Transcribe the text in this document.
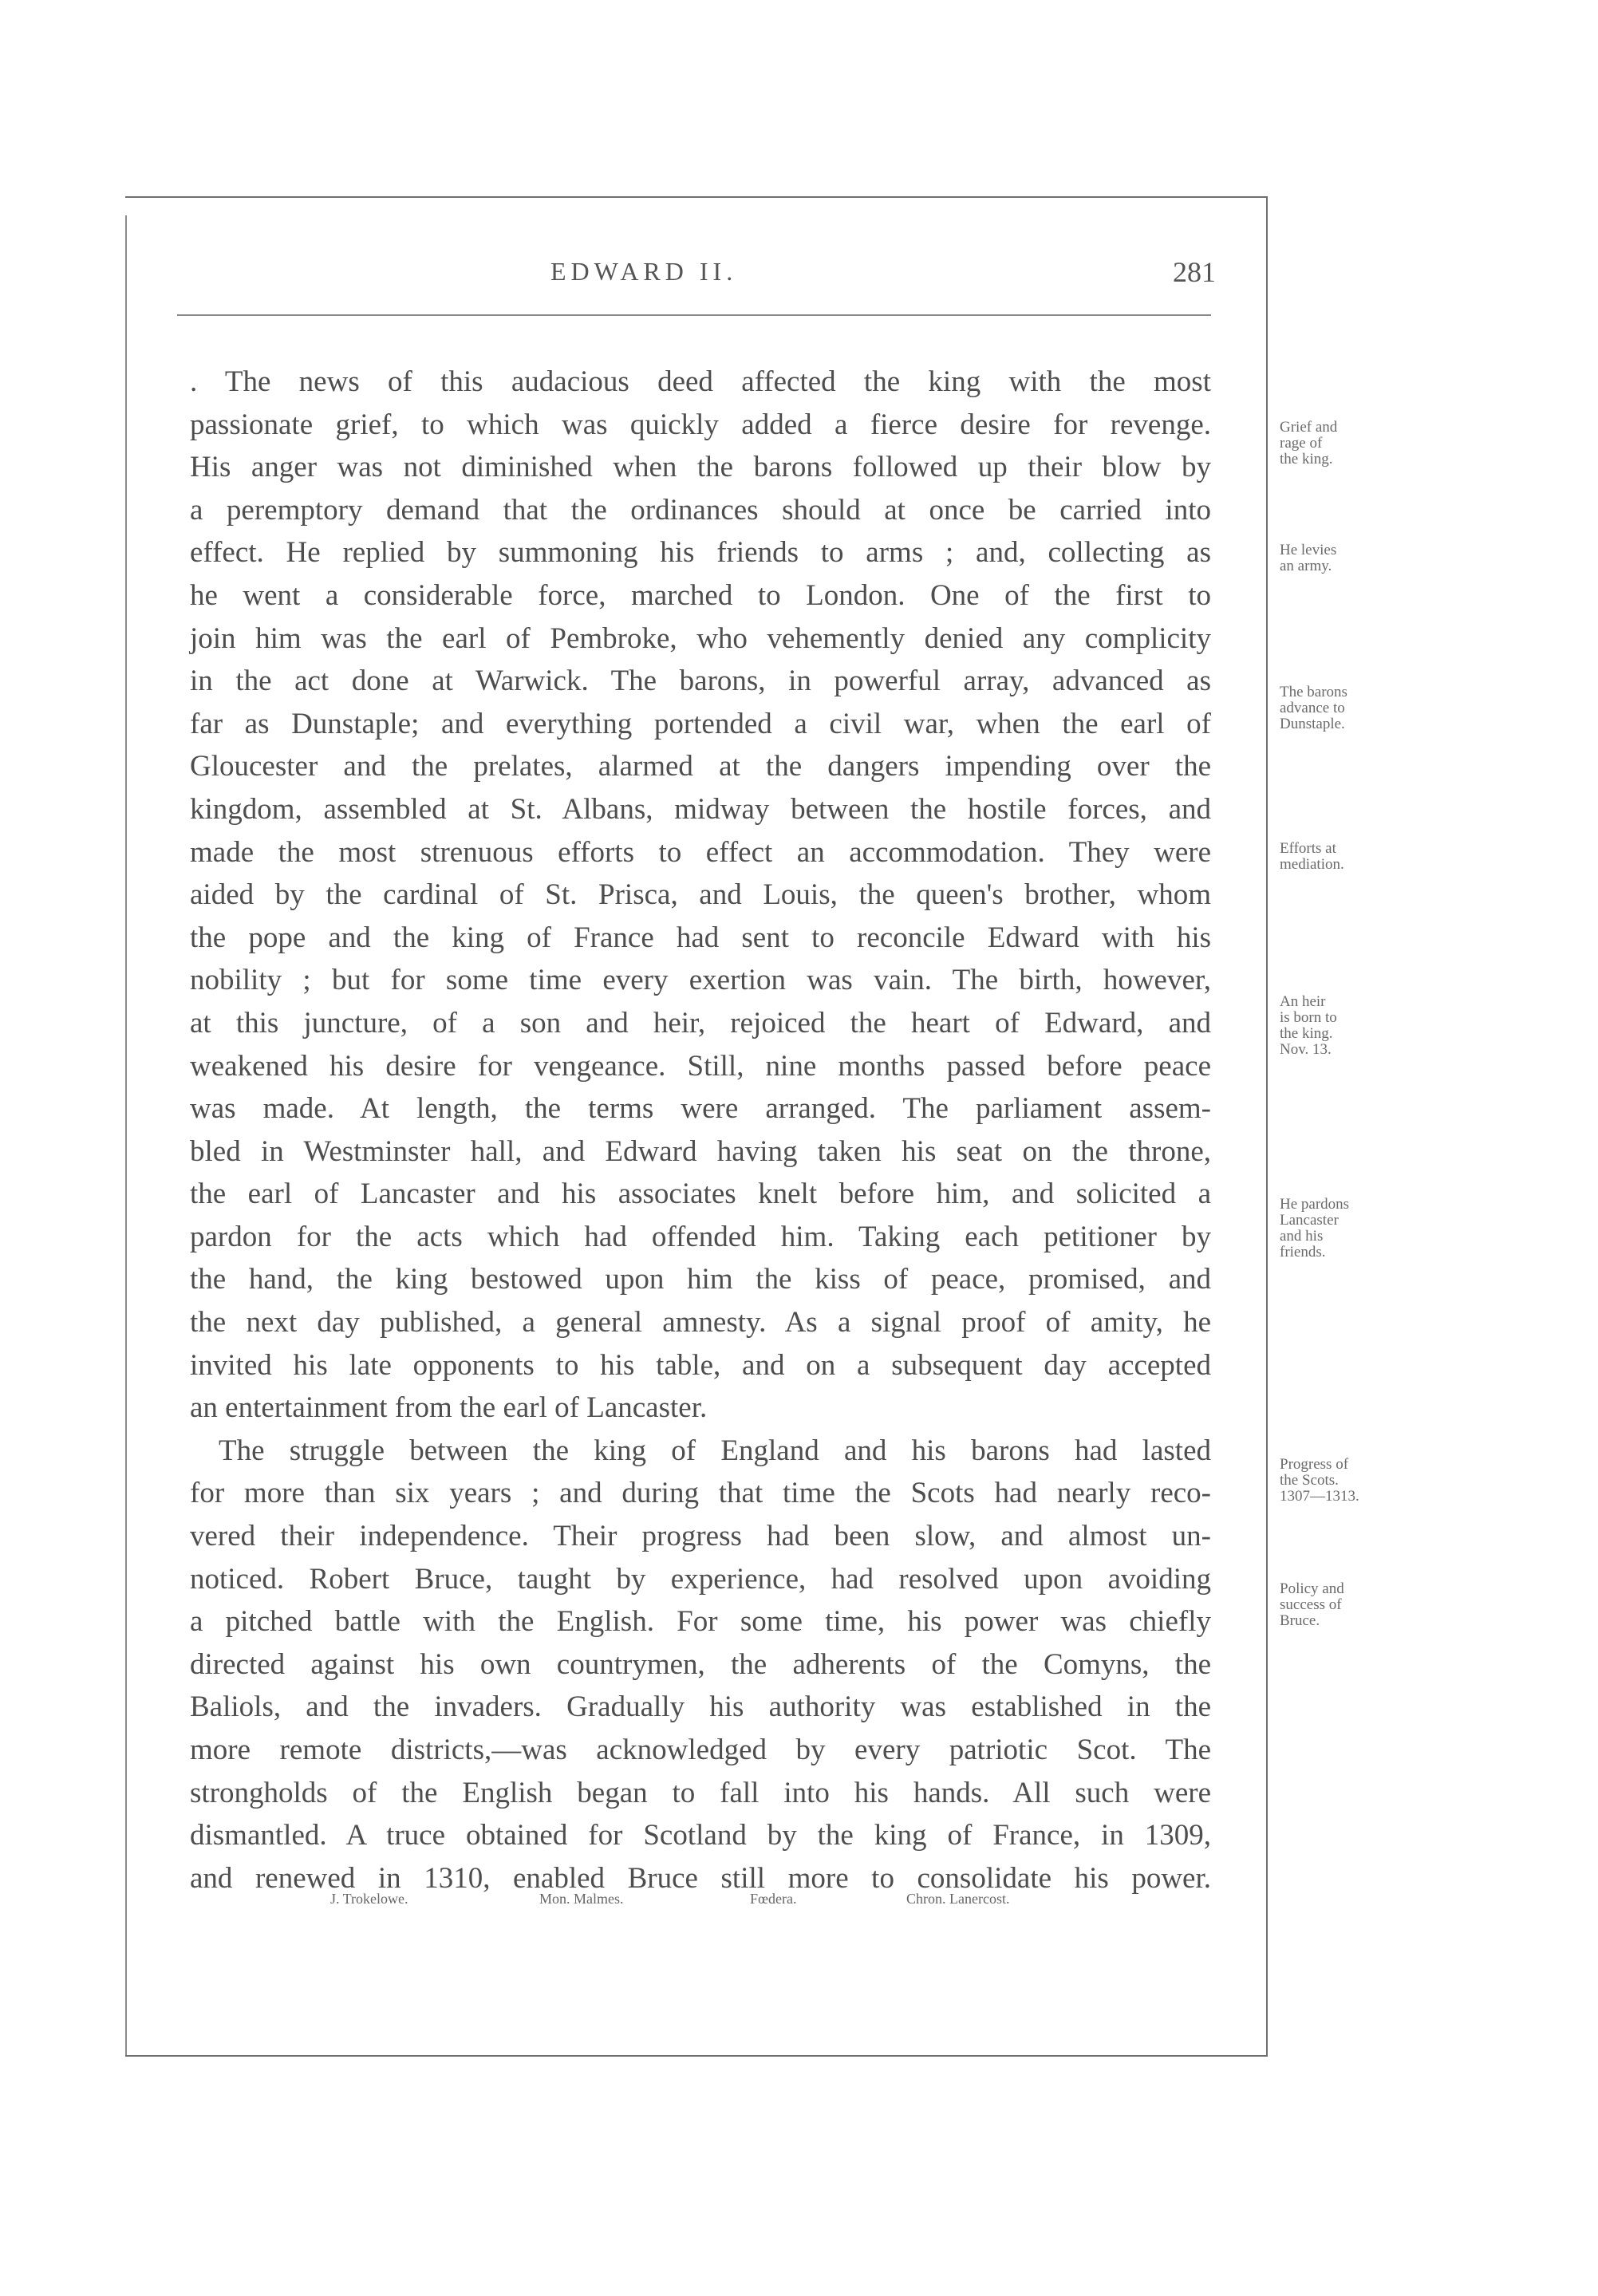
EDWARD II.	281
. The news of this audacious deed affected the king with the most
passionate grief, to which was quickly added a fierce desire for revenge.
His anger was not diminished when the barons followed up their blow by
a peremptory demand that the ordinances should at once be carried into
effect. He replied by summoning his friends to arms ; and, collecting as
he went a considerable force, marched to London. One of the first to
join him was the earl of Pembroke, who vehemently denied any complicity
in the act done at Warwick. The barons, in powerful array, advanced as
far as Dunstaple; and everything portended a civil war, when the earl of
Gloucester and the prelates, alarmed at the dangers impending over the
kingdom, assembled at St. Albans, midway between the hostile forces, and
made the most strenuous efforts to effect an accommodation. They were
aided by the cardinal of St. Prisca, and Louis, the queen's brother, whom
the pope and the king of France had sent to reconcile Edward with his
nobility ; but for some time every exertion was vain. The birth, however,
at this juncture, of a son and heir, rejoiced the heart of Edward, and
weakened his desire for vengeance. Still, nine months passed before peace
was made. At length, the terms were arranged. The parliament assem-
bled in Westminster hall, and Edward having taken his seat on the throne,
the earl of Lancaster and his associates knelt before him, and solicited a
pardon for the acts which had offended him. Taking each petitioner by
the hand, the king bestowed upon him the kiss of peace, promised, and
the next day published, a general amnesty. As a signal proof of amity, he
invited his late opponents to his table, and on a subsequent day accepted
an entertainment from the earl of Lancaster.
The struggle between the king of England and his barons had lasted
for more than six years ; and during that time the Scots had nearly reco-
vered their independence. Their progress had been slow, and almost un-
noticed. Robert Bruce, taught by experience, had resolved upon avoiding
a pitched battle with the English. For some time, his power was chiefly
directed against his own countrymen, the adherents of the Comyns, the
Baliols, and the invaders. Gradually his authority was established in the
more remote districts,—was acknowledged by every patriotic Scot. The
strongholds of the English began to fall into his hands. All such were
dismantled. A truce obtained for Scotland by the king of France, in 1309,
and renewed in 1310, enabled Bruce still more to consolidate his power.
Grief and
rage of
the king.
He levies
an army.
The barons
advance to
Dunstaple.
Efforts at
mediation.
An heir
is born to
the king.
Nov. 13.
He pardons
Lancaster
and his
friends.
Progress of
the Scots.
1307—1313.
Policy and
success of
Bruce.
J. Trokelowe.	Mon. Malmes.	Fœdera.	Chron. Lanercost.
